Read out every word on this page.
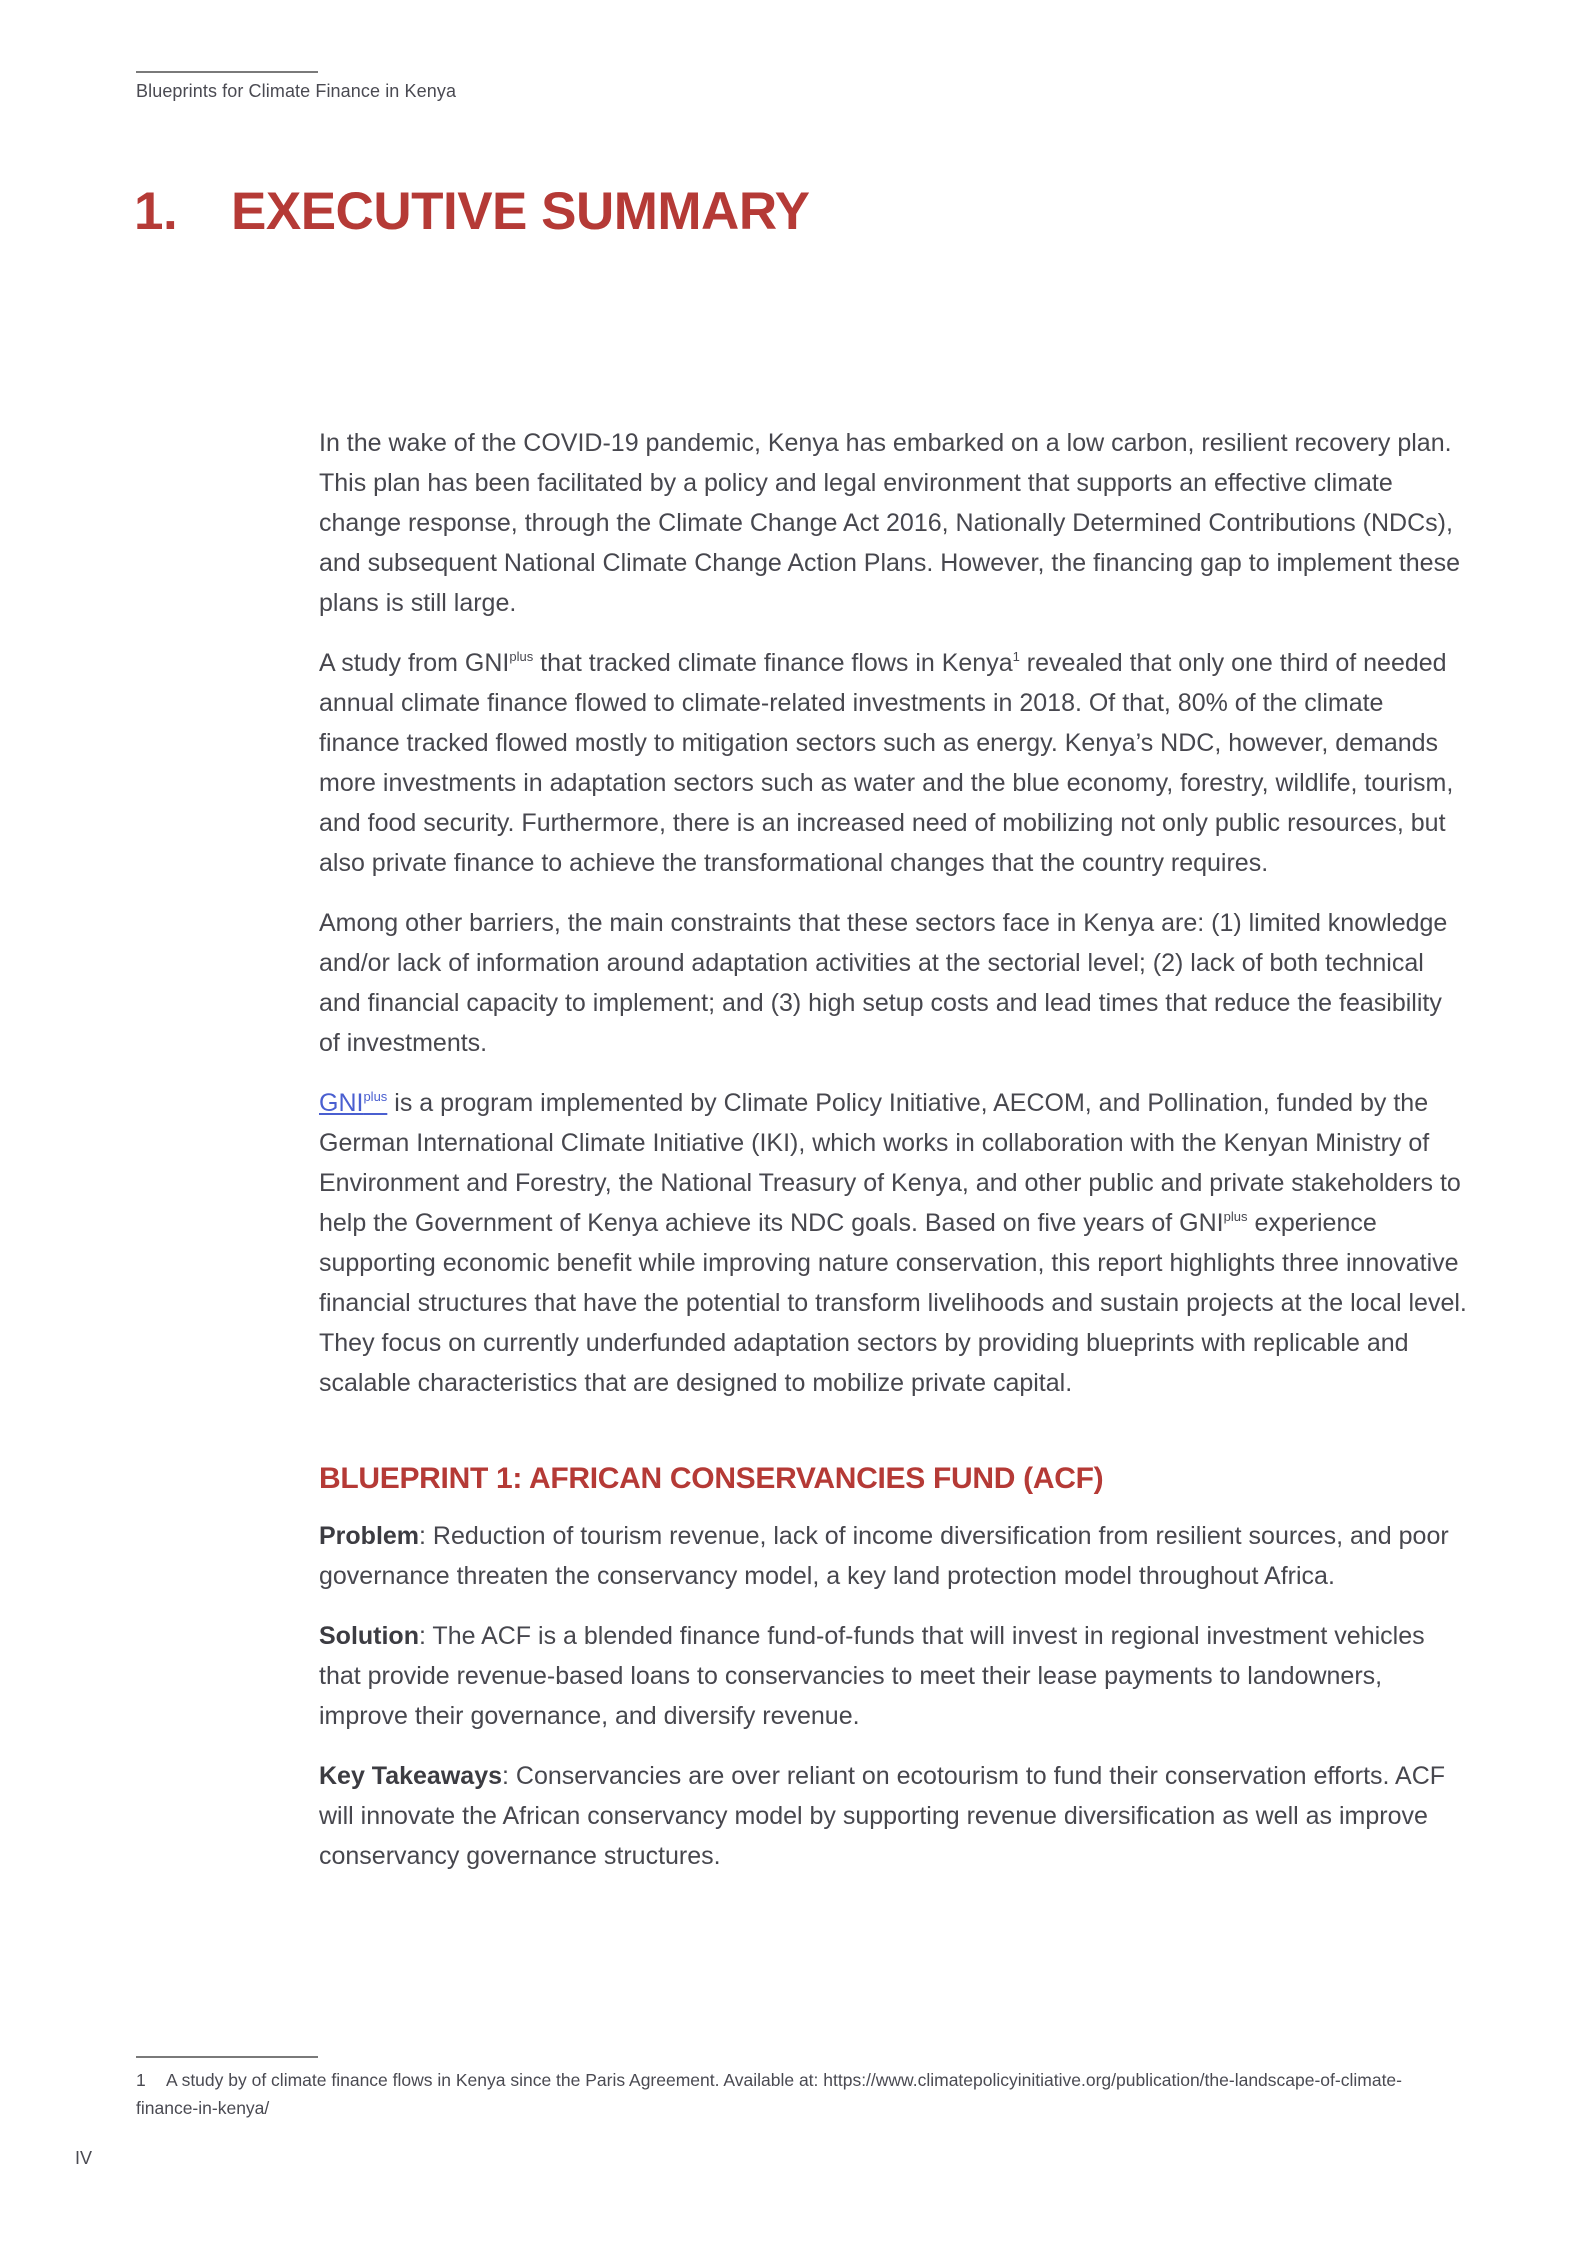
Blueprints for Climate Finance in Kenya
1. EXECUTIVE SUMMARY

In the wake of the COVID-19 pandemic, Kenya has embarked on a low carbon, resilient recovery plan. This plan has been facilitated by a policy and legal environment that supports an effective climate change response, through the Climate Change Act 2016, Nationally Determined Contributions (NDCs), and subsequent National Climate Change Action Plans. However, the financing gap to implement these plans is still large.

A study from $GNI^{plus}$ that tracked climate finance flows in Kenya$^1$ revealed that only one third of needed annual climate finance flowed to climate-related investments in 2018. Of that, 80% of the climate finance tracked flowed mostly to mitigation sectors such as energy. Kenya’s NDC, however, demands more investments in adaptation sectors such as water and the blue economy, forestry, wildlife, tourism, and food security. Furthermore, there is an increased need of mobilizing not only public resources, but also private finance to achieve the transformational changes that the country requires.

Among other barriers, the main constraints that these sectors face in Kenya are: (1) limited knowledge and/or lack of information around adaptation activities at the sectorial level; (2) lack of both technical and financial capacity to implement; and (3) high setup costs and lead times that reduce the feasibility of investments.

$GNI^{plus}$ is a program implemented by Climate Policy Initiative, AECOM, and Pollination, funded by the German International Climate Initiative (IKI), which works in collaboration with the Kenyan Ministry of Environment and Forestry, the National Treasury of Kenya, and other public and private stakeholders to help the Government of Kenya achieve its NDC goals. Based on five years of $GNI^{plus}$ experience supporting economic benefit while improving nature conservation, this report highlights three innovative financial structures that have the potential to transform livelihoods and sustain projects at the local level. They focus on currently underfunded adaptation sectors by providing blueprints with replicable and scalable characteristics that are designed to mobilize private capital.

BLUEPRINT 1: AFRICAN CONSERVANCIES FUND (ACF)

Problem: Reduction of tourism revenue, lack of income diversification from resilient sources, and poor governance threaten the conservancy model, a key land protection model throughout Africa.

Solution: The ACF is a blended finance fund-of-funds that will invest in regional investment vehicles that provide revenue-based loans to conservancies to meet their lease payments to landowners, improve their governance, and diversify revenue.

Key Takeaways: Conservancies are over reliant on ecotourism to fund their conservation efforts. ACF will innovate the African conservancy model by supporting revenue diversification as well as improve conservancy governance structures.

1 A study by of climate finance flows in Kenya since the Paris Agreement. Available at: https://www.climatepolicyinitiative.org/publication/the-landscape-of-climate-finance-in-kenya/
IV
